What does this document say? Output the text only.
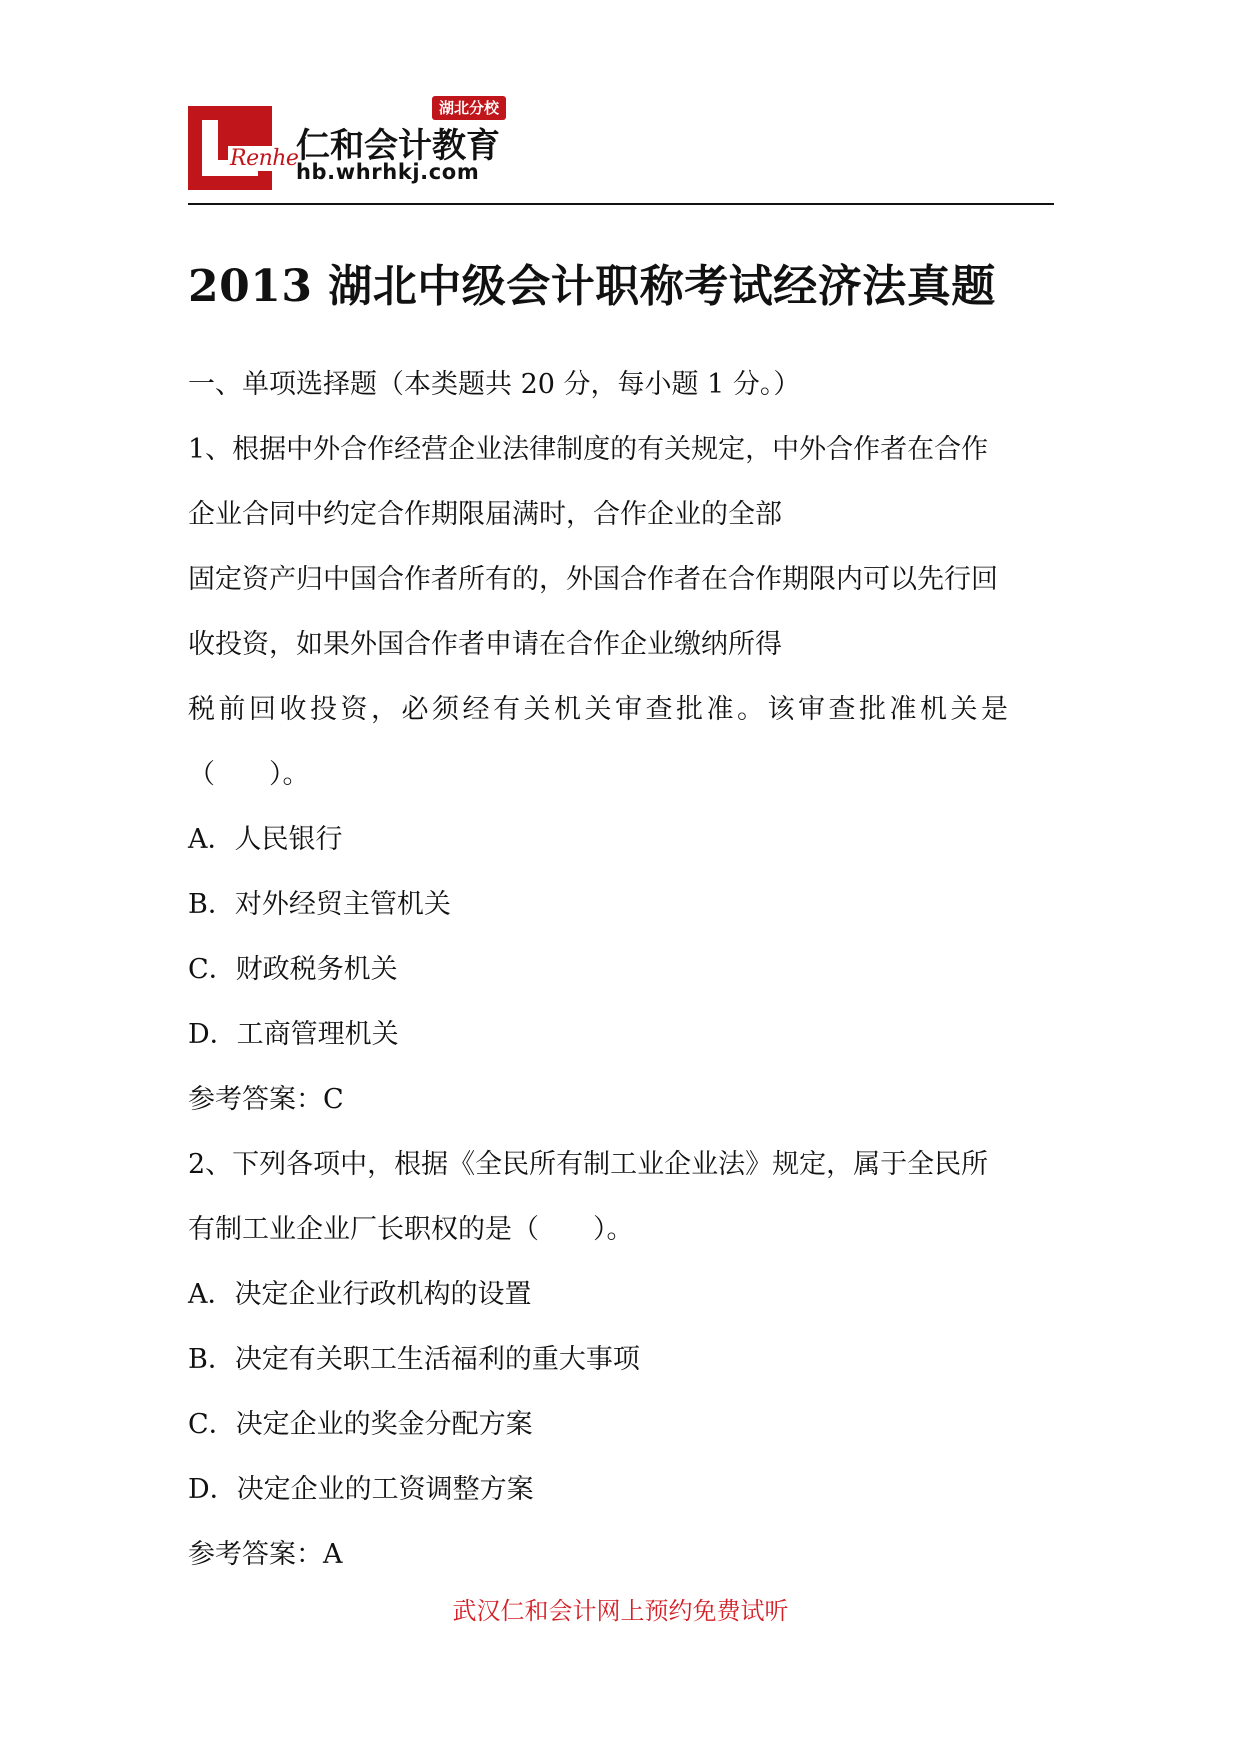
Renhe
湖北分校
仁和会计教育
hb.whrhkj.com
2013 湖北中级会计职称考试经济法真题

一、单项选择题（本类题共 20 分，每小题 1 分。）

1、根据中外合作经营企业法律制度的有关规定，中外合作者在合作

企业合同中约定合作期限届满时，合作企业的全部

固定资产归中国合作者所有的，外国合作者在合作期限内可以先行回

收投资，如果外国合作者申请在合作企业缴纳所得

税前回收投资，必须经有关机关审查批准。该审查批准机关是

（　　）。

A．人民银行

B．对外经贸主管机关

C．财政税务机关

D．工商管理机关

参考答案：C

2、下列各项中，根据《全民所有制工业企业法》规定，属于全民所

有制工业企业厂长职权的是（　　）。

A．决定企业行政机构的设置

B．决定有关职工生活福利的重大事项

C．决定企业的奖金分配方案

D．决定企业的工资调整方案

参考答案：A

武汉仁和会计网上预约免费试听
